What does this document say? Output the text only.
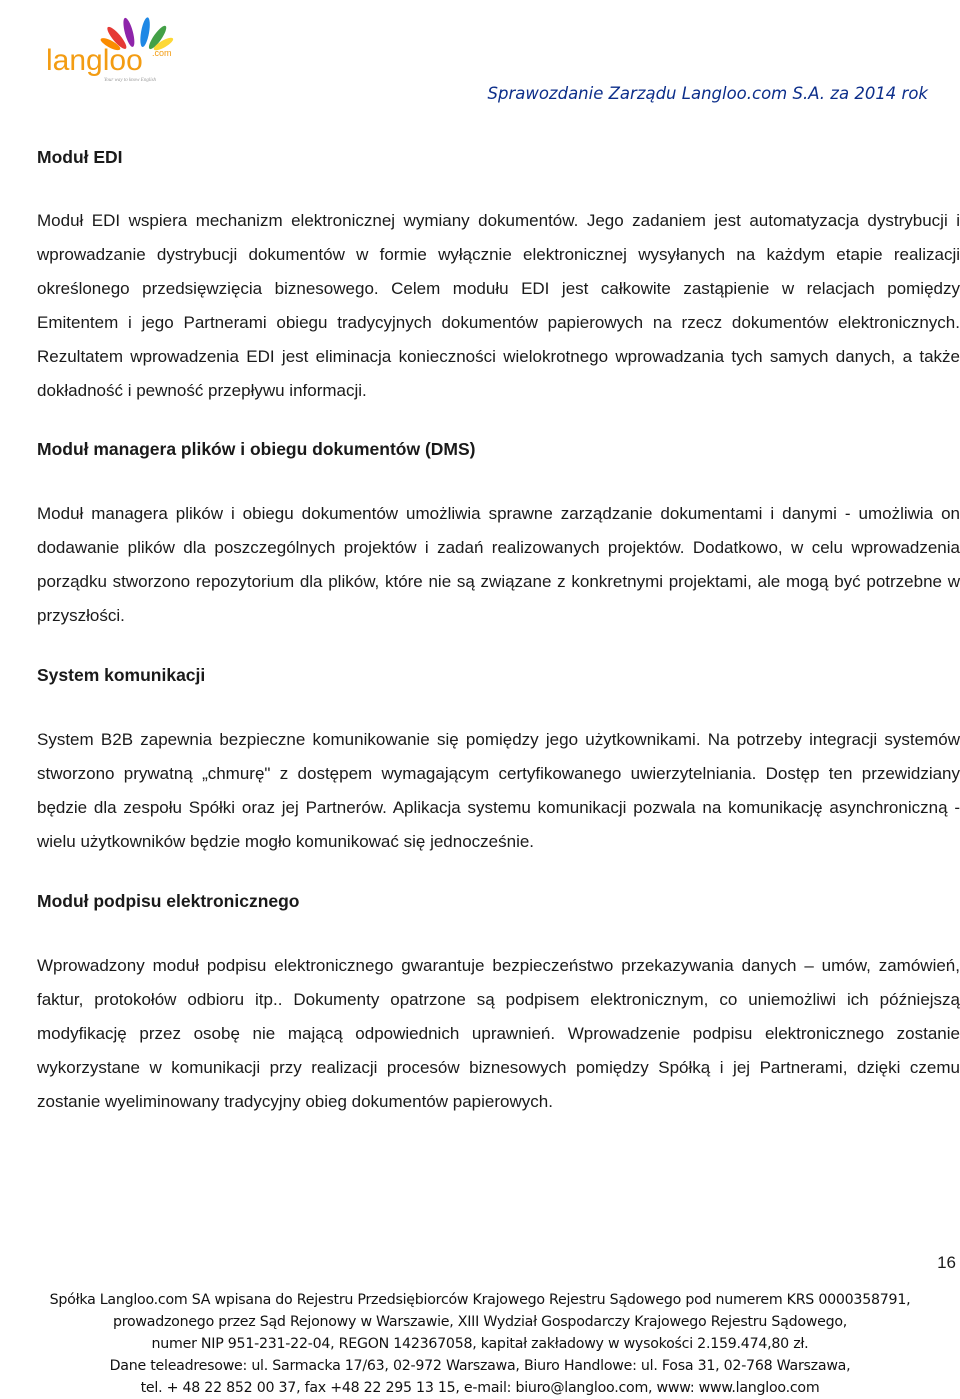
langloo .com
Your way to know English
Sprawozdanie Zarządu Langloo.com S.A. za 2014 rok
Moduł EDI

Moduł EDI wspiera mechanizm elektronicznej wymiany dokumentów. Jego zadaniem jest automatyzacja dystrybucji i wprowadzanie dystrybucji dokumentów w formie wyłącznie elektronicznej wysyłanych na każdym etapie realizacji określonego przedsięwzięcia biznesowego. Celem modułu EDI jest całkowite zastąpienie w relacjach pomiędzy Emitentem i jego Partnerami obiegu tradycyjnych dokumentów papierowych na rzecz dokumentów elektronicznych. Rezultatem wprowadzenia EDI jest eliminacja konieczności wielokrotnego wprowadzania tych samych danych, a także dokładność i pewność przepływu informacji.

Moduł managera plików i obiegu dokumentów (DMS)

Moduł managera plików i obiegu dokumentów umożliwia sprawne zarządzanie dokumentami i danymi - umożliwia on dodawanie plików dla poszczególnych projektów i zadań realizowanych projektów. Dodatkowo, w celu wprowadzenia porządku stworzono repozytorium dla plików, które nie są związane z konkretnymi projektami, ale mogą być potrzebne w przyszłości.

System komunikacji

System B2B zapewnia bezpieczne komunikowanie się pomiędzy jego użytkownikami. Na potrzeby integracji systemów stworzono prywatną „chmurę" z dostępem wymagającym certyfikowanego uwierzytelniania. Dostęp ten przewidziany będzie dla zespołu Spółki oraz jej Partnerów. Aplikacja systemu komunikacji pozwala na komunikację asynchroniczną - wielu użytkowników będzie mogło komunikować się jednocześnie.

Moduł podpisu elektronicznego

Wprowadzony moduł podpisu elektronicznego gwarantuje bezpieczeństwo przekazywania danych – umów, zamówień, faktur, protokołów odbioru itp.. Dokumenty opatrzone są podpisem elektronicznym, co uniemożliwi ich późniejszą modyfikację przez osobę nie mającą odpowiednich uprawnień. Wprowadzenie podpisu elektronicznego zostanie wykorzystane w komunikacji przy realizacji procesów biznesowych pomiędzy Spółką i jej Partnerami, dzięki czemu zostanie wyeliminowany tradycyjny obieg dokumentów papierowych.

16
Spółka Langloo.com SA wpisana do Rejestru Przedsiębiorców Krajowego Rejestru Sądowego pod numerem KRS 0000358791,
prowadzonego przez Sąd Rejonowy w Warszawie, XIII Wydział Gospodarczy Krajowego Rejestru Sądowego,
numer NIP 951-231-22-04, REGON 142367058, kapitał zakładowy w wysokości 2.159.474,80 zł.
Dane teleadresowe: ul. Sarmacka 17/63, 02-972 Warszawa, Biuro Handlowe: ul. Fosa 31, 02-768 Warszawa,
tel. + 48 22 852 00 37, fax +48 22 295 13 15, e-mail: biuro@langloo.com, www: www.langloo.com
